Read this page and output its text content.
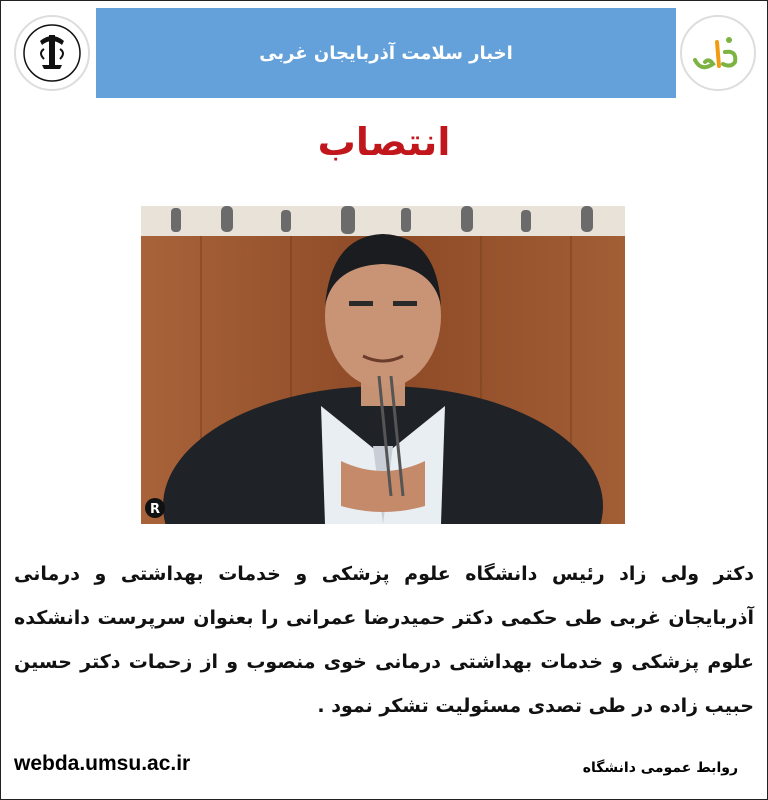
اخبار سلامت آذربایجان غربی
انتصاب
R
دکتر ولی زاد رئیس دانشگاه علوم پزشکی و خدمات بهداشتی و درمانی آذربایجان غربی طی حکمی دکتر حمیدرضا عمرانی را بعنوان سرپرست دانشکده علوم پزشکی و خدمات بهداشتی درمانی خوی منصوب و از زحمات دکتر حسین حبیب زاده در طی تصدی مسئولیت تشکر نمود .
webda.umsu.ac.ir	روابط عمومی دانشگاه
